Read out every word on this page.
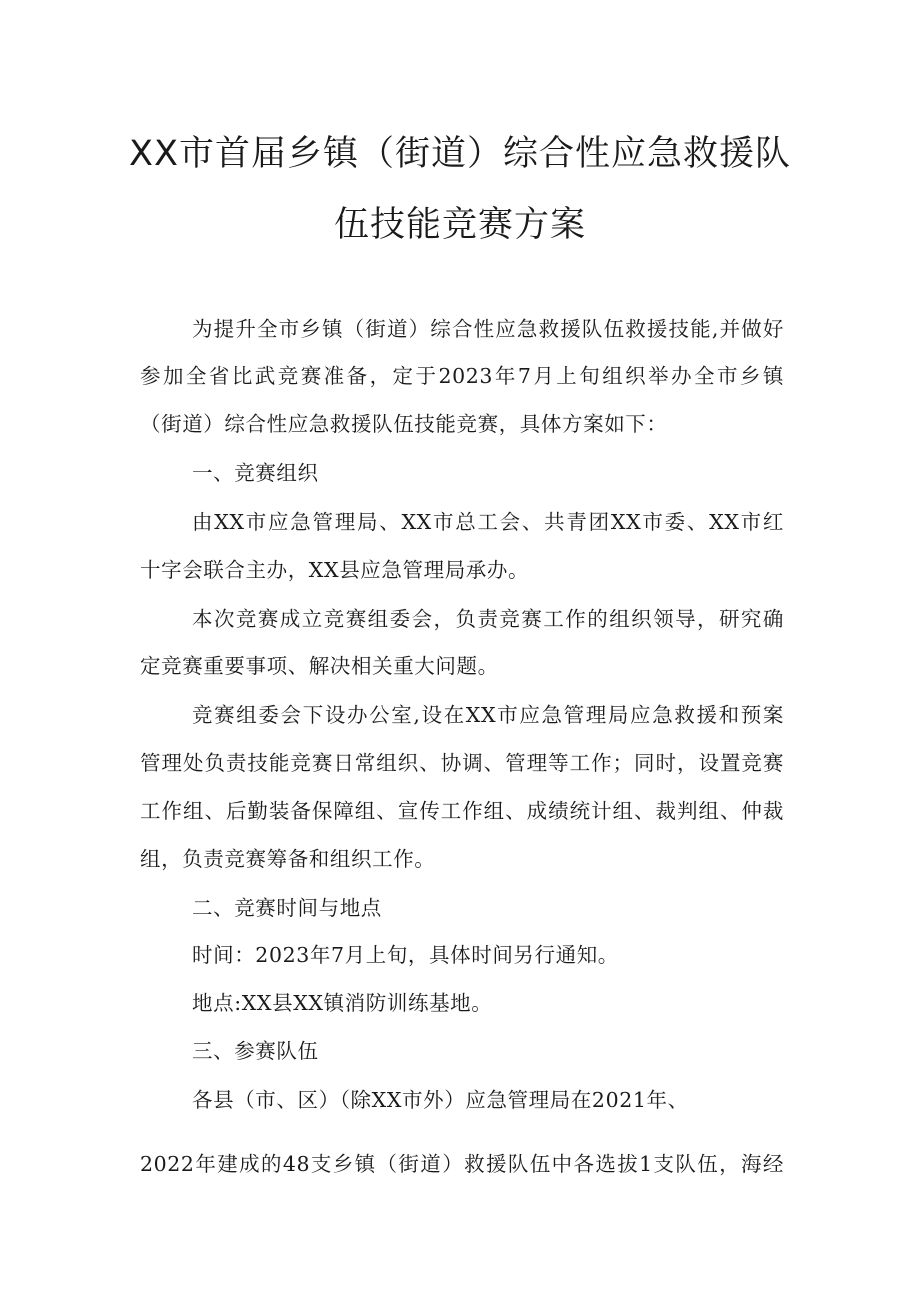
XX市首届乡镇（街道）综合性应急救援队
伍技能竞赛方案
为提升全市乡镇（街道）综合性应急救援队伍救援技能,并做好
参加全省比武竞赛准备，定于2023年7月上旬组织举办全市乡镇
（街道）综合性应急救援队伍技能竞赛，具体方案如下：
一、竞赛组织
由XX市应急管理局、XX市总工会、共青团XX市委、XX市红
十字会联合主办，XX县应急管理局承办。
本次竞赛成立竞赛组委会，负责竞赛工作的组织领导，研究确
定竞赛重要事项、解决相关重大问题。
竞赛组委会下设办公室,设在XX市应急管理局应急救援和预案
管理处负责技能竞赛日常组织、协调、管理等工作；同时，设置竞赛
工作组、后勤装备保障组、宣传工作组、成绩统计组、裁判组、仲裁
组，负责竞赛筹备和组织工作。
二、竞赛时间与地点
时间：2023年7月上旬，具体时间另行通知。
地点:XX县XX镇消防训练基地。
三、参赛队伍
各县（市、区）（除XX市外）应急管理局在2021年、
2022年建成的48支乡镇（街道）救援队伍中各选拔1支队伍，海经
